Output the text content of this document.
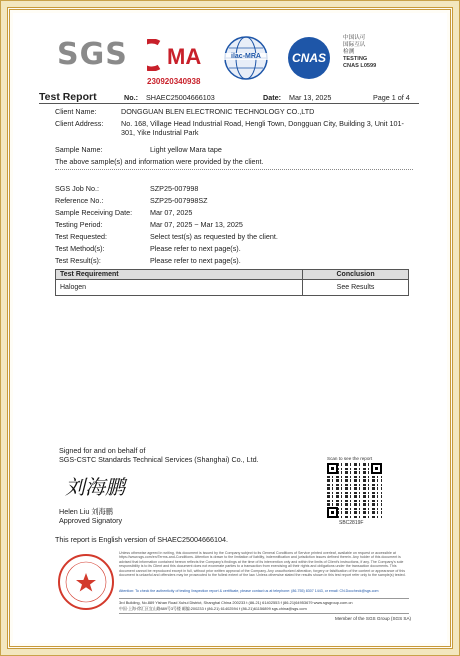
SGS MA
230920340938
ilac-MRA	CNAS
中国认可
国际互认
检测
TESTING
CNAS L0599
Test Report	No.: SHAEC25004666103	Date: Mar 13, 2025	Page 1 of 4
Client Name:	DONGGUAN BLEN ELECTRONIC TECHNOLOGY CO.,LTD
Client Address: No. 168, Village Head Industrial Road, Hengli Town, Dongguan City, Building 3, Unit 101-
301, Yike Industrial Park
Sample Name:	Light yellow Mara tape
The above sample(s) and information were provided by the client.
SGS Job No.:	SZP25-007998
Reference No.:	SZP25-007998SZ
Sample Receiving Date: Mar 07, 2025
Testing Period:	Mar 07, 2025 ~ Mar 13, 2025
Test Requested:	Select test(s) as requested by the client.
Test Method(s):	Please refer to next page(s).
Test Result(s):	Please refer to next page(s).
Test Requirement	Conclusion
Halogen	See Results
Signed for and on behalf of
SGS-CSTC Standards Technical Services (Shanghai) Co., Ltd.
刘海鹏
Helen Liu 刘海鹏
Approved Signatory
Scan to see the report
SBC2819F
This report is English version of SHAEC25004666104.
Unless otherwise agreed in writing, this document is issued by the Company subject to its General Conditions of Service printed overleaf, available on request or accessible at https://www.sgs.com/en/Terms-and-Conditions. Attention is drawn to the limitation of liability, indemnification and jurisdiction issues defined therein. Any holder of this document is advised that information contained hereon reflects the Company's findings at the time of its intervention only and within the limits of Client's instructions, if any. The Company's sole responsibility is to its Client and this document does not exonerate parties to a transaction from exercising all their rights and obligations under the transaction documents. This document cannot be reproduced except in full, without prior written approval of the Company. Any unauthorized alteration, forgery or falsification of the content or appearance of this document is unlawful and offenders may be prosecuted to the fullest extent of the law. Unless otherwise stated the results shown in this test report refer only to the sample(s) tested.
Attention: To check the authenticity of testing /inspection report & certificate, please contact us at telephone: (86-755) 8307 1443, or email: CN.Doccheck@sgs.com
3rd Building, No.889 Yishan Road Xuhui District, Shanghai China 200233 t (86-21) 61402553 f (86-21)64953679 www.sgsgroup.com.cn
中国·上海·徐汇区宜山路889号3号楼 邮编:200233 t (86-21) 61402594 f (86-21)61156899 sgs.china@sgs.com
Member of the SGS Group (SGS SA)
